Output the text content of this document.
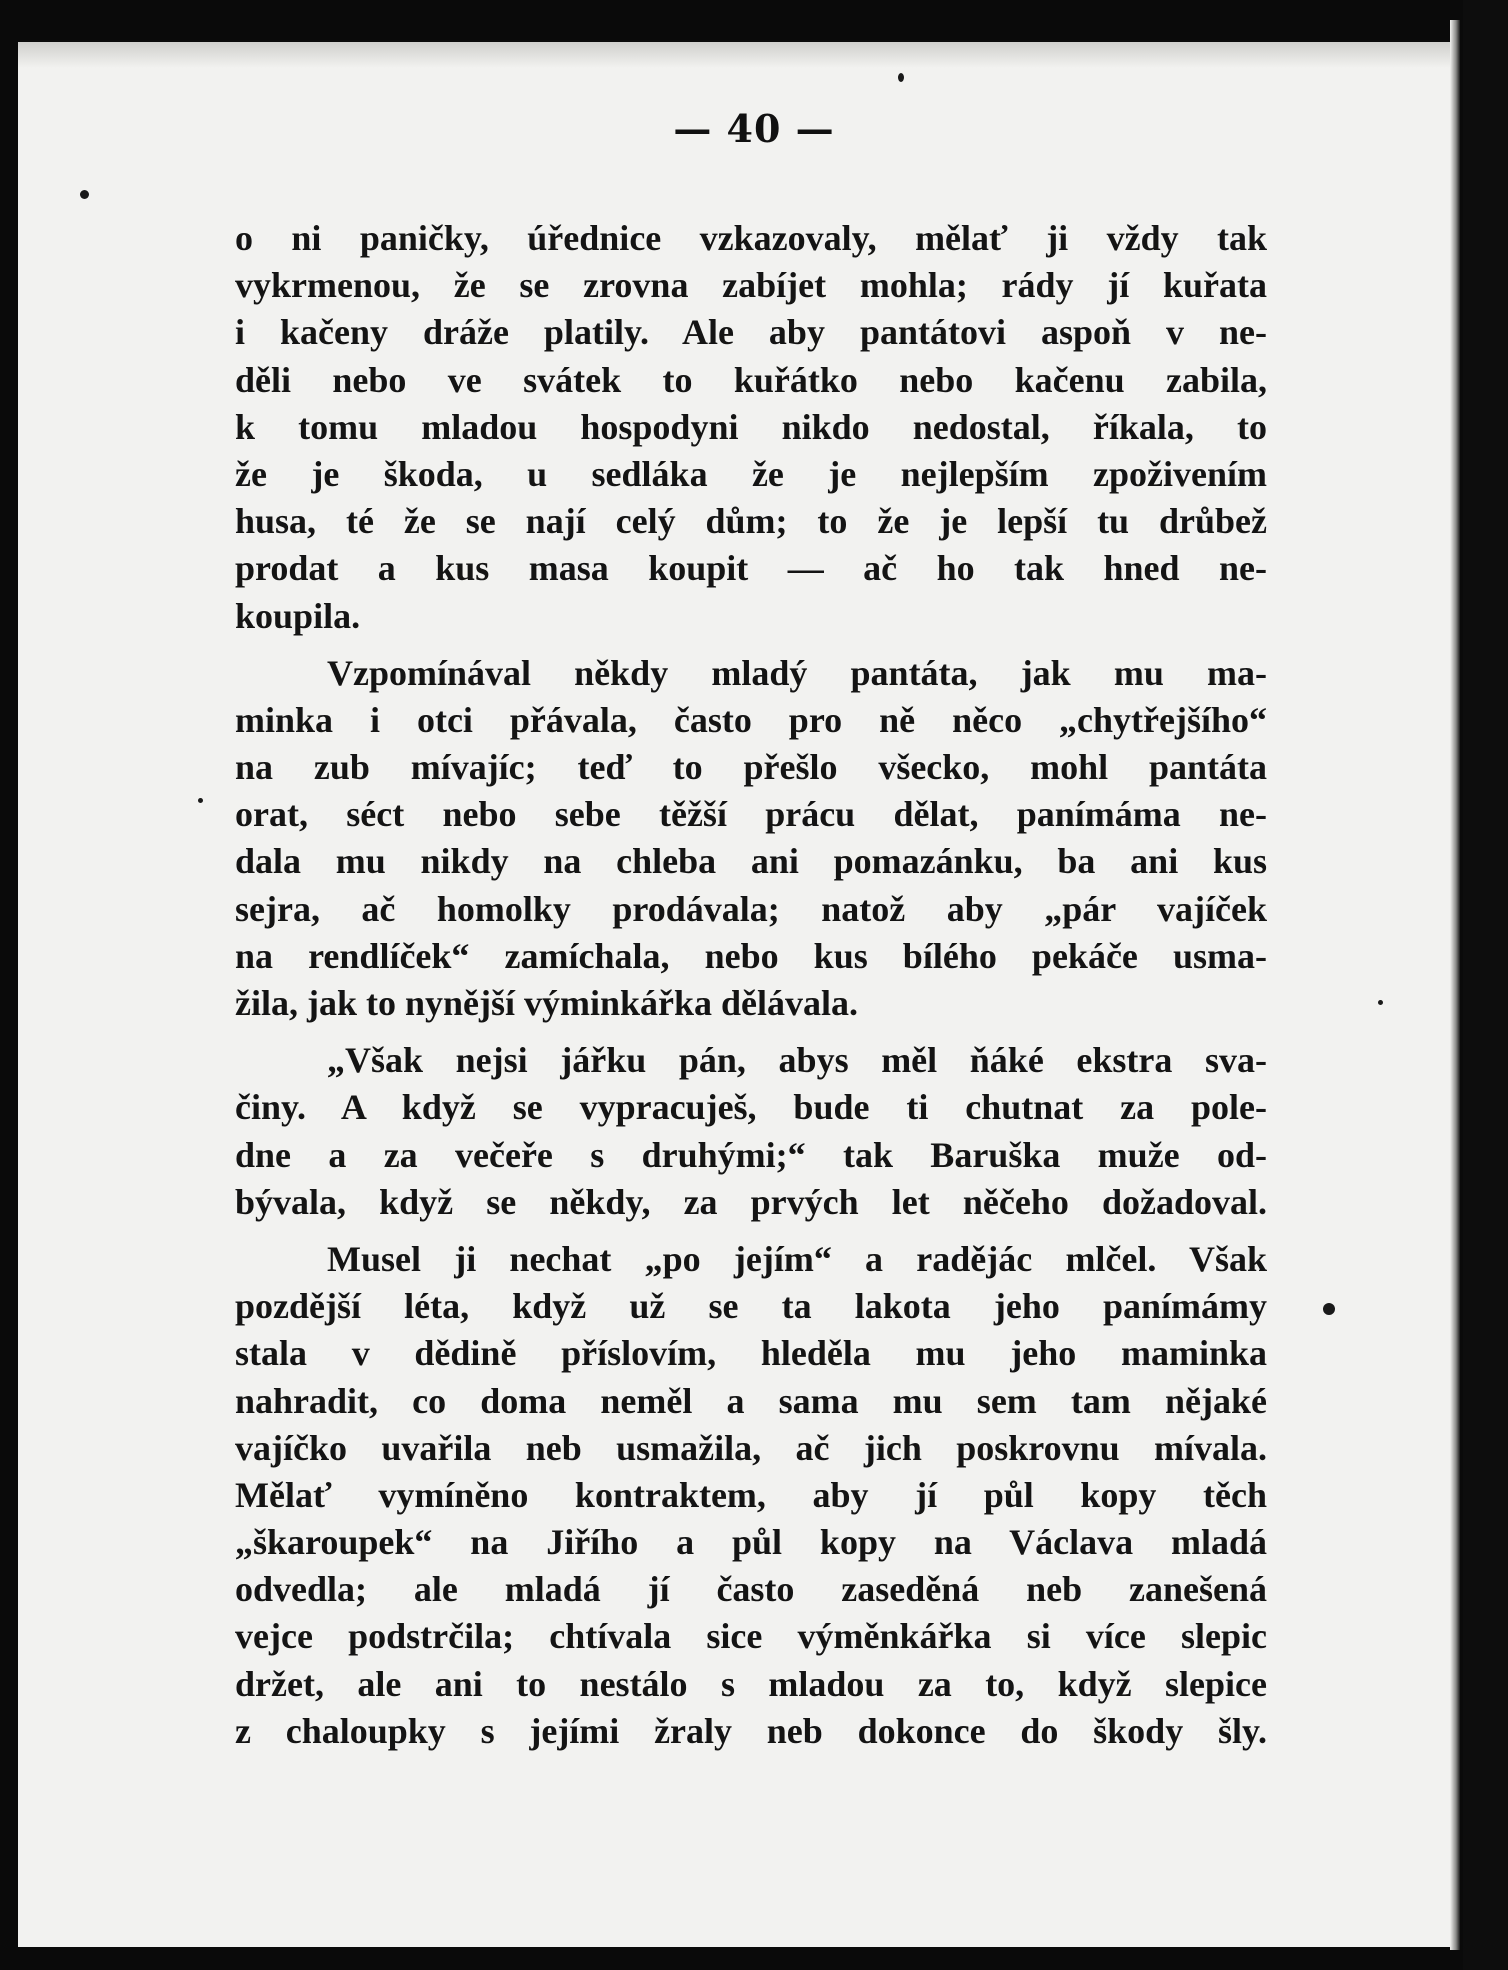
— 40 —
o ni paničky, úřednice vzkazovaly, mělať ji vždy tak
vykrmenou, že se zrovna zabíjet mohla; rády jí kuřata
i kačeny dráže platily. Ale aby pantátovi aspoň v ne-
děli nebo ve svátek to kuřátko nebo kačenu zabila,
k tomu mladou hospodyni nikdo nedostal, říkala, to
že je škoda, u sedláka že je nejlepším zpoživením
husa, té že se nají celý dům; to že je lepší tu drůbež
prodat a kus masa koupit — ač ho tak hned ne-
koupila.
Vzpomínával někdy mladý pantáta, jak mu ma-
minka i otci přávala, často pro ně něco „chytřejšího“
na zub mívajíc; teď to přešlo všecko, mohl pantáta
orat, séct nebo sebe těžší prácu dělat, panímáma ne-
dala mu nikdy na chleba ani pomazánku, ba ani kus
sejra, ač homolky prodávala; natož aby „pár vajíček
na rendlíček“ zamíchala, nebo kus bílého pekáče usma-
žila, jak to nynější výminkářka dělávala.
„Však nejsi jářku pán, abys měl ňáké ekstra sva-
činy. A když se vypracuješ, bude ti chutnat za pole-
dne a za večeře s druhými;“ tak Baruška muže od-
bývala, když se někdy, za prvých let něčeho dožadoval.
Musel ji nechat „po jejím“ a radějác mlčel. Však
pozdější léta, když už se ta lakota jeho panímámy
stala v dědině příslovím, hleděla mu jeho maminka
nahradit, co doma neměl a sama mu sem tam nějaké
vajíčko uvařila neb usmažila, ač jich poskrovnu mívala.
Mělať vymíněno kontraktem, aby jí půl kopy těch
„škaroupek“ na Jiřího a půl kopy na Václava mladá
odvedla; ale mladá jí často zaseděná neb zanešená
vejce podstrčila; chtívala sice výměnkářka si více slepic
držet, ale ani to nestálo s mladou za to, když slepice
z chaloupky s jejími žraly neb dokonce do škody šly.
